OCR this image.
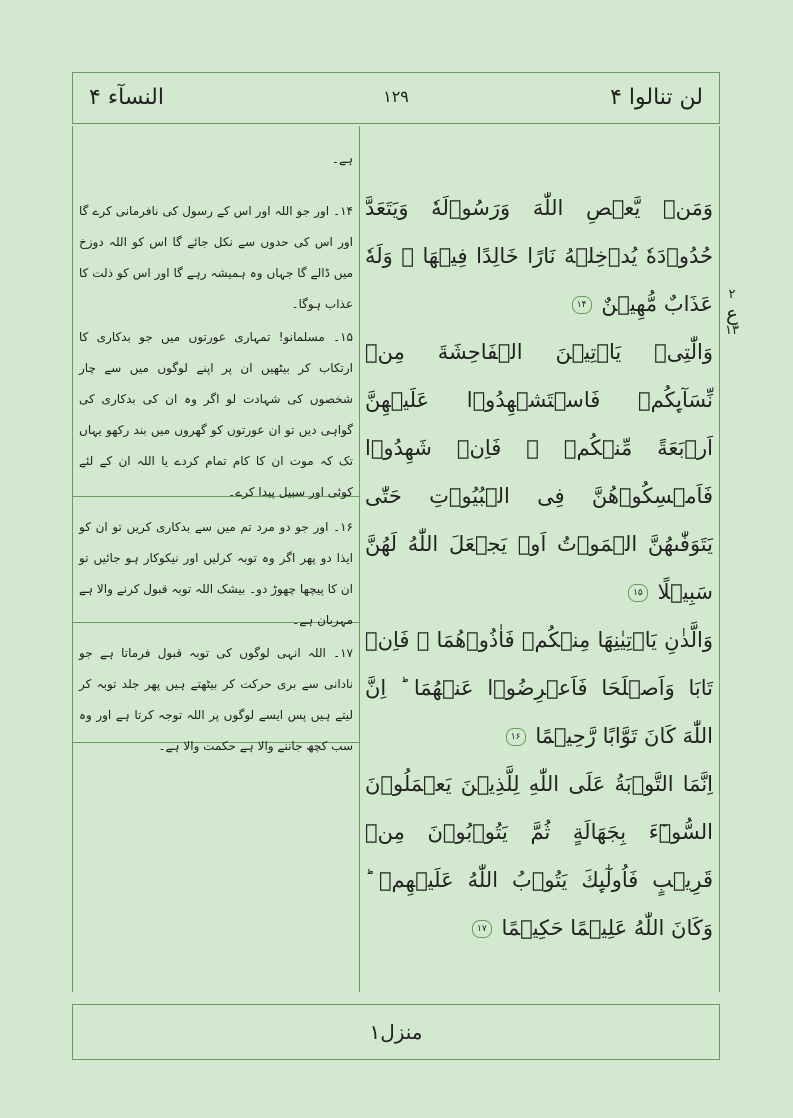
لن تنالوا ۴
۱۲۹
النسآء ۴
وَمَنۡ يَّعۡصِ اللّٰهَ وَرَسُوۡلَهٗ وَيَتَعَدَّ حُدُوۡدَهٗ يُدۡخِلۡهُ نَارًا خَالِدًا فِيۡهَا ۖ وَلَهٗ عَذَابٌ مُّهِيۡنٌ ۱۴
وَالّٰتِىۡ يَاۡتِيۡنَ الۡفَاحِشَةَ مِنۡ نِّسَآٮِٕكُمۡ فَاسۡتَشۡهِدُوۡا عَلَيۡهِنَّ اَرۡبَعَةً مِّنۡكُمۡ ۚ فَاِنۡ شَهِدُوۡا فَاَمۡسِكُوۡهُنَّ فِى الۡبُيُوۡتِ حَتّٰى يَتَوَفّٰٮهُنَّ الۡمَوۡتُ اَوۡ يَجۡعَلَ اللّٰهُ لَهُنَّ سَبِيۡلًا ۱۵
وَالَّذٰنِ يَاۡتِيٰنِهَا مِنۡكُمۡ فَاٰذُوۡهُمَا ۚ فَاِنۡ تَابَا وَاَصۡلَحَا فَاَعۡرِضُوۡا عَنۡهُمَا ؕ اِنَّ اللّٰهَ كَانَ تَوَّابًا رَّحِيۡمًا ۱۶
اِنَّمَا التَّوۡبَةُ عَلَى اللّٰهِ لِلَّذِيۡنَ يَعۡمَلُوۡنَ السُّوۡٓءَ بِجَهَالَةٍ ثُمَّ يَتُوۡبُوۡنَ مِنۡ قَرِيۡبٍ فَاُولٰٓٮِٕكَ يَتُوۡبُ اللّٰهُ عَلَيۡهِمۡ ؕ وَكَانَ اللّٰهُ عَلِيۡمًا حَكِيۡمًا ۱۷
ہے۔
۱۴۔ اور جو اللہ اور اس کے رسول کی نافرمانی کرے گا اور اس کی حدوں سے نکل جائے گا اس کو اللہ دوزخ میں ڈالے گا جہاں وہ ہمیشہ رہے گا اور اس کو ذلت کا عذاب ہوگا۔
۱۵۔ مسلمانو! تمہاری عورتوں میں جو بدکاری کا ارتکاب کر بیٹھیں ان پر اپنے لوگوں میں سے چار شخصوں کی شہادت لو اگر وہ ان کی بدکاری کی گواہی دیں تو ان عورتوں کو گھروں میں بند رکھو یہاں تک کہ موت ان کا کام تمام کردے یا اللہ ان کے لئے کوئی اور سبیل پیدا کرے۔
۱۶۔ اور جو دو مرد تم میں سے بدکاری کریں تو ان کو ایذا دو پھر اگر وہ توبہ کرلیں اور نیکوکار ہو جائیں تو ان کا پیچھا چھوڑ دو۔ بیشک اللہ توبہ قبول کرنے والا ہے مہربان ہے۔
۱۷۔ اللہ انہی لوگوں کی توبہ قبول فرماتا ہے جو نادانی سے بری حرکت کر بیٹھتے ہیں پھر جلد توبہ کر لیتے ہیں پس ایسے لوگوں پر اللہ توجہ کرتا ہے اور وہ سب کچھ جاننے والا ہے حکمت والا ہے۔
۲
ع
۱۳
منزل۱
